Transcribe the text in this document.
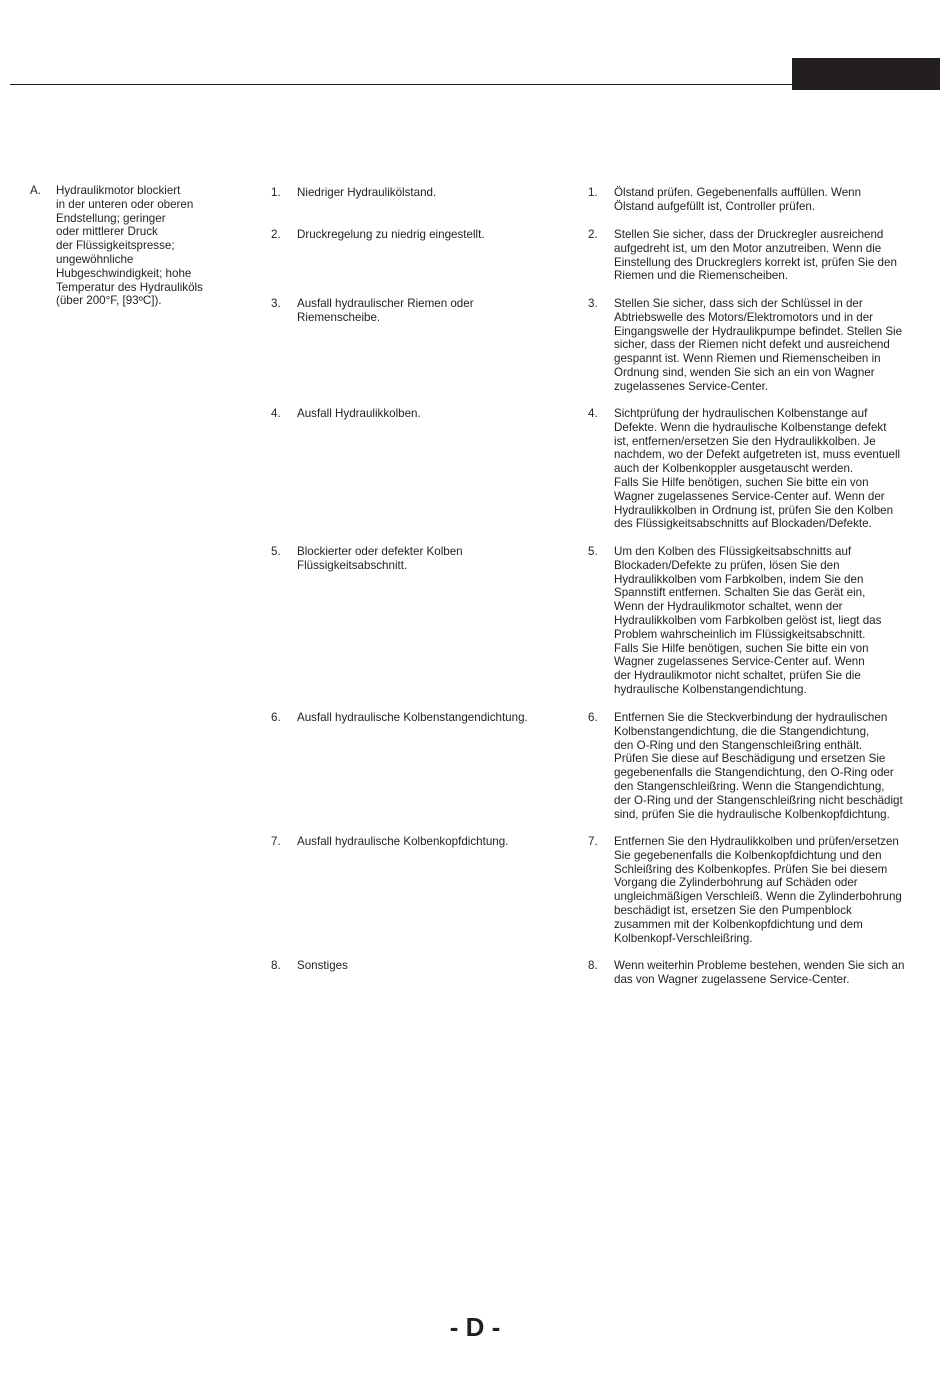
A. Hydraulikmotor blockiert
in der unteren oder oberen
Endstellung; geringer
oder mittlerer Druck
der Flüssigkeitspresse;
ungewöhnliche
Hubgeschwindigkeit; hohe
Temperatur des Hydrauliköls
(über 200°F, [93ºC]).
1. Niedriger Hydraulikölstand.	1. Ölstand prüfen. Gegebenenfalls auffüllen. Wenn
Ölstand aufgefüllt ist, Controller prüfen.
2. Druckregelung zu niedrig eingestellt.	2. Stellen Sie sicher, dass der Druckregler ausreichend
aufgedreht ist, um den Motor anzutreiben. Wenn die
Einstellung des Druckreglers korrekt ist, prüfen Sie den
Riemen und die Riemenscheiben.
3. Ausfall hydraulischer Riemen oder
Riemenscheibe.
3. Stellen Sie sicher, dass sich der Schlüssel in der
Abtriebswelle des Motors/Elektromotors und in der
Eingangswelle der Hydraulikpumpe befindet. Stellen Sie
sicher, dass der Riemen nicht defekt und ausreichend
gespannt ist. Wenn Riemen und Riemenscheiben in
Ordnung sind, wenden Sie sich an ein von Wagner
zugelassenes Service-Center.
4. Ausfall Hydraulikkolben.	4. Sichtprüfung der hydraulischen Kolbenstange auf
Defekte. Wenn die hydraulische Kolbenstange defekt
ist, entfernen/ersetzen Sie den Hydraulikkolben. Je
nachdem, wo der Defekt aufgetreten ist, muss eventuell
auch der Kolbenkoppler ausgetauscht werden.
Falls Sie Hilfe benötigen, suchen Sie bitte ein von
Wagner zugelassenes Service-Center auf. Wenn der
Hydraulikkolben in Ordnung ist, prüfen Sie den Kolben
des Flüssigkeitsabschnitts auf Blockaden/Defekte.
5. Blockierter oder defekter Kolben
Flüssigkeitsabschnitt.
5. Um den Kolben des Flüssigkeitsabschnitts auf
Blockaden/Defekte zu prüfen, lösen Sie den
Hydraulikkolben vom Farbkolben, indem Sie den
Spannstift entfernen. Schalten Sie das Gerät ein,
Wenn der Hydraulikmotor schaltet, wenn der
Hydraulikkolben vom Farbkolben gelöst ist, liegt das
Problem wahrscheinlich im Flüssigkeitsabschnitt.
Falls Sie Hilfe benötigen, suchen Sie bitte ein von
Wagner zugelassenes Service-Center auf. Wenn
der Hydraulikmotor nicht schaltet, prüfen Sie die
hydraulische Kolbenstangendichtung.
6. Ausfall hydraulische Kolbenstangendichtung.	6. Entfernen Sie die Steckverbindung der hydraulischen
Kolbenstangendichtung, die die Stangendichtung,
den O-Ring und den Stangenschleißring enthält.
Prüfen Sie diese auf Beschädigung und ersetzen Sie
gegebenenfalls die Stangendichtung, den O-Ring oder
den Stangenschleißring. Wenn die Stangendichtung,
der O-Ring und der Stangenschleißring nicht beschädigt
sind, prüfen Sie die hydraulische Kolbenkopfdichtung.
7. Ausfall hydraulische Kolbenkopfdichtung.	7. Entfernen Sie den Hydraulikkolben und prüfen/ersetzen
Sie gegebenenfalls die Kolbenkopfdichtung und den
Schleißring des Kolbenkopfes. Prüfen Sie bei diesem
Vorgang die Zylinderbohrung auf Schäden oder
ungleichmäßigen Verschleiß. Wenn die Zylinderbohrung
beschädigt ist, ersetzen Sie den Pumpenblock
zusammen mit der Kolbenkopfdichtung und dem
Kolbenkopf-Verschleißring.
8. Sonstiges	8. Wenn weiterhin Probleme bestehen, wenden Sie sich an
das von Wagner zugelassene Service-Center.
- D -
